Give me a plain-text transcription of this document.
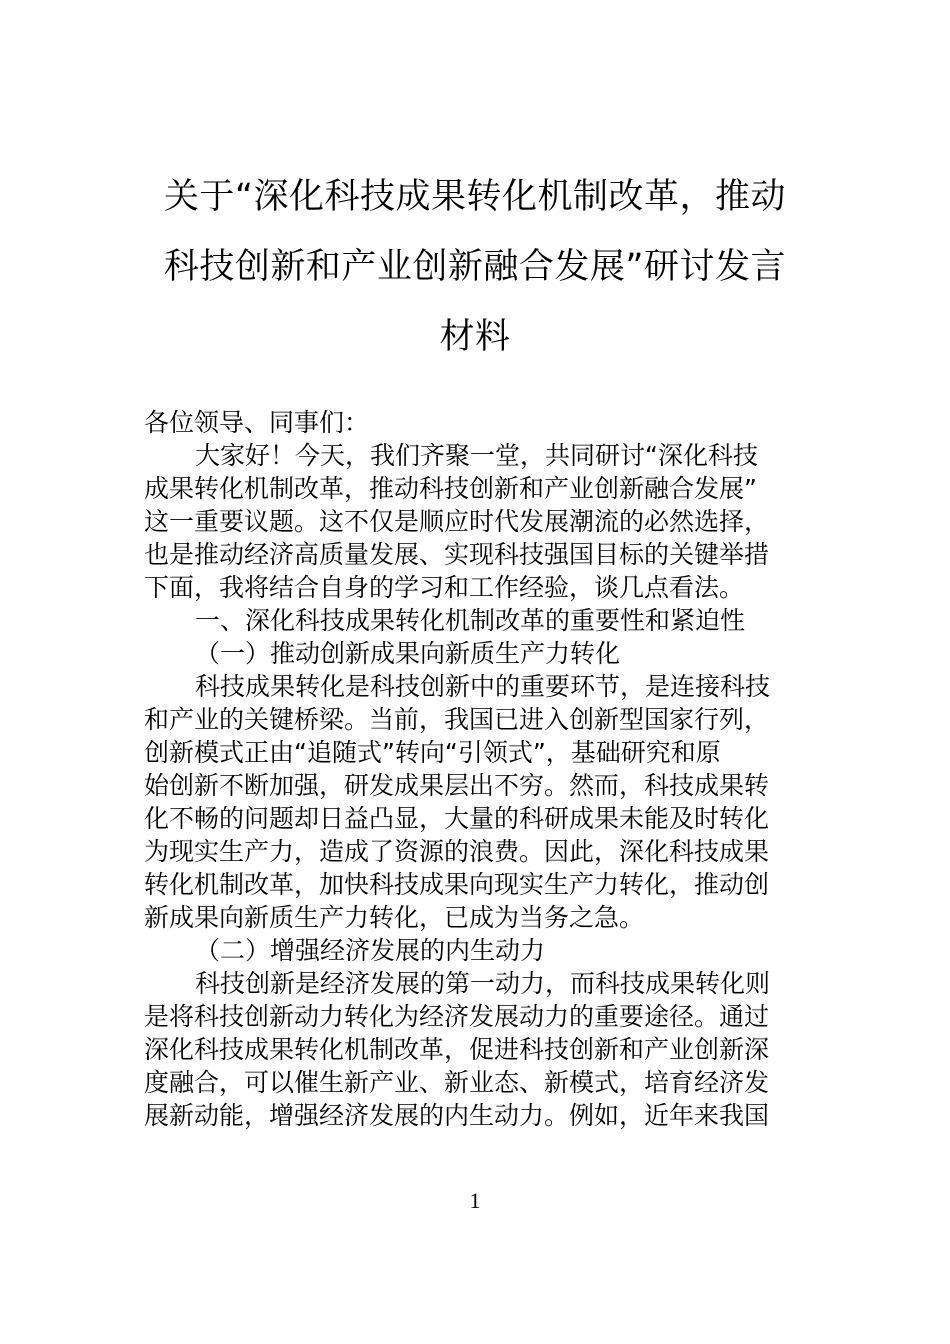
关于“深化科技成果转化机制改革，推动
科技创新和产业创新融合发展”研讨发言
材料
各位领导、同事们：
大家好！今天，我们齐聚一堂，共同研讨“深化科技
成果转化机制改革，推动科技创新和产业创新融合发展”
这一重要议题。这不仅是顺应时代发展潮流的必然选择，
也是推动经济高质量发展、实现科技强国目标的关键举措
下面，我将结合自身的学习和工作经验，谈几点看法。
一、深化科技成果转化机制改革的重要性和紧迫性
（一）推动创新成果向新质生产力转化
科技成果转化是科技创新中的重要环节，是连接科技
和产业的关键桥梁。当前，我国已进入创新型国家行列，
创新模式正由“追随式”转向“引领式”，基础研究和原
始创新不断加强，研发成果层出不穷。然而，科技成果转
化不畅的问题却日益凸显，大量的科研成果未能及时转化
为现实生产力，造成了资源的浪费。因此，深化科技成果
转化机制改革，加快科技成果向现实生产力转化，推动创
新成果向新质生产力转化，已成为当务之急。
（二）增强经济发展的内生动力
科技创新是经济发展的第一动力，而科技成果转化则
是将科技创新动力转化为经济发展动力的重要途径。通过
深化科技成果转化机制改革，促进科技创新和产业创新深
度融合，可以催生新产业、新业态、新模式，培育经济发
展新动能，增强经济发展的内生动力。例如，近年来我国
1
